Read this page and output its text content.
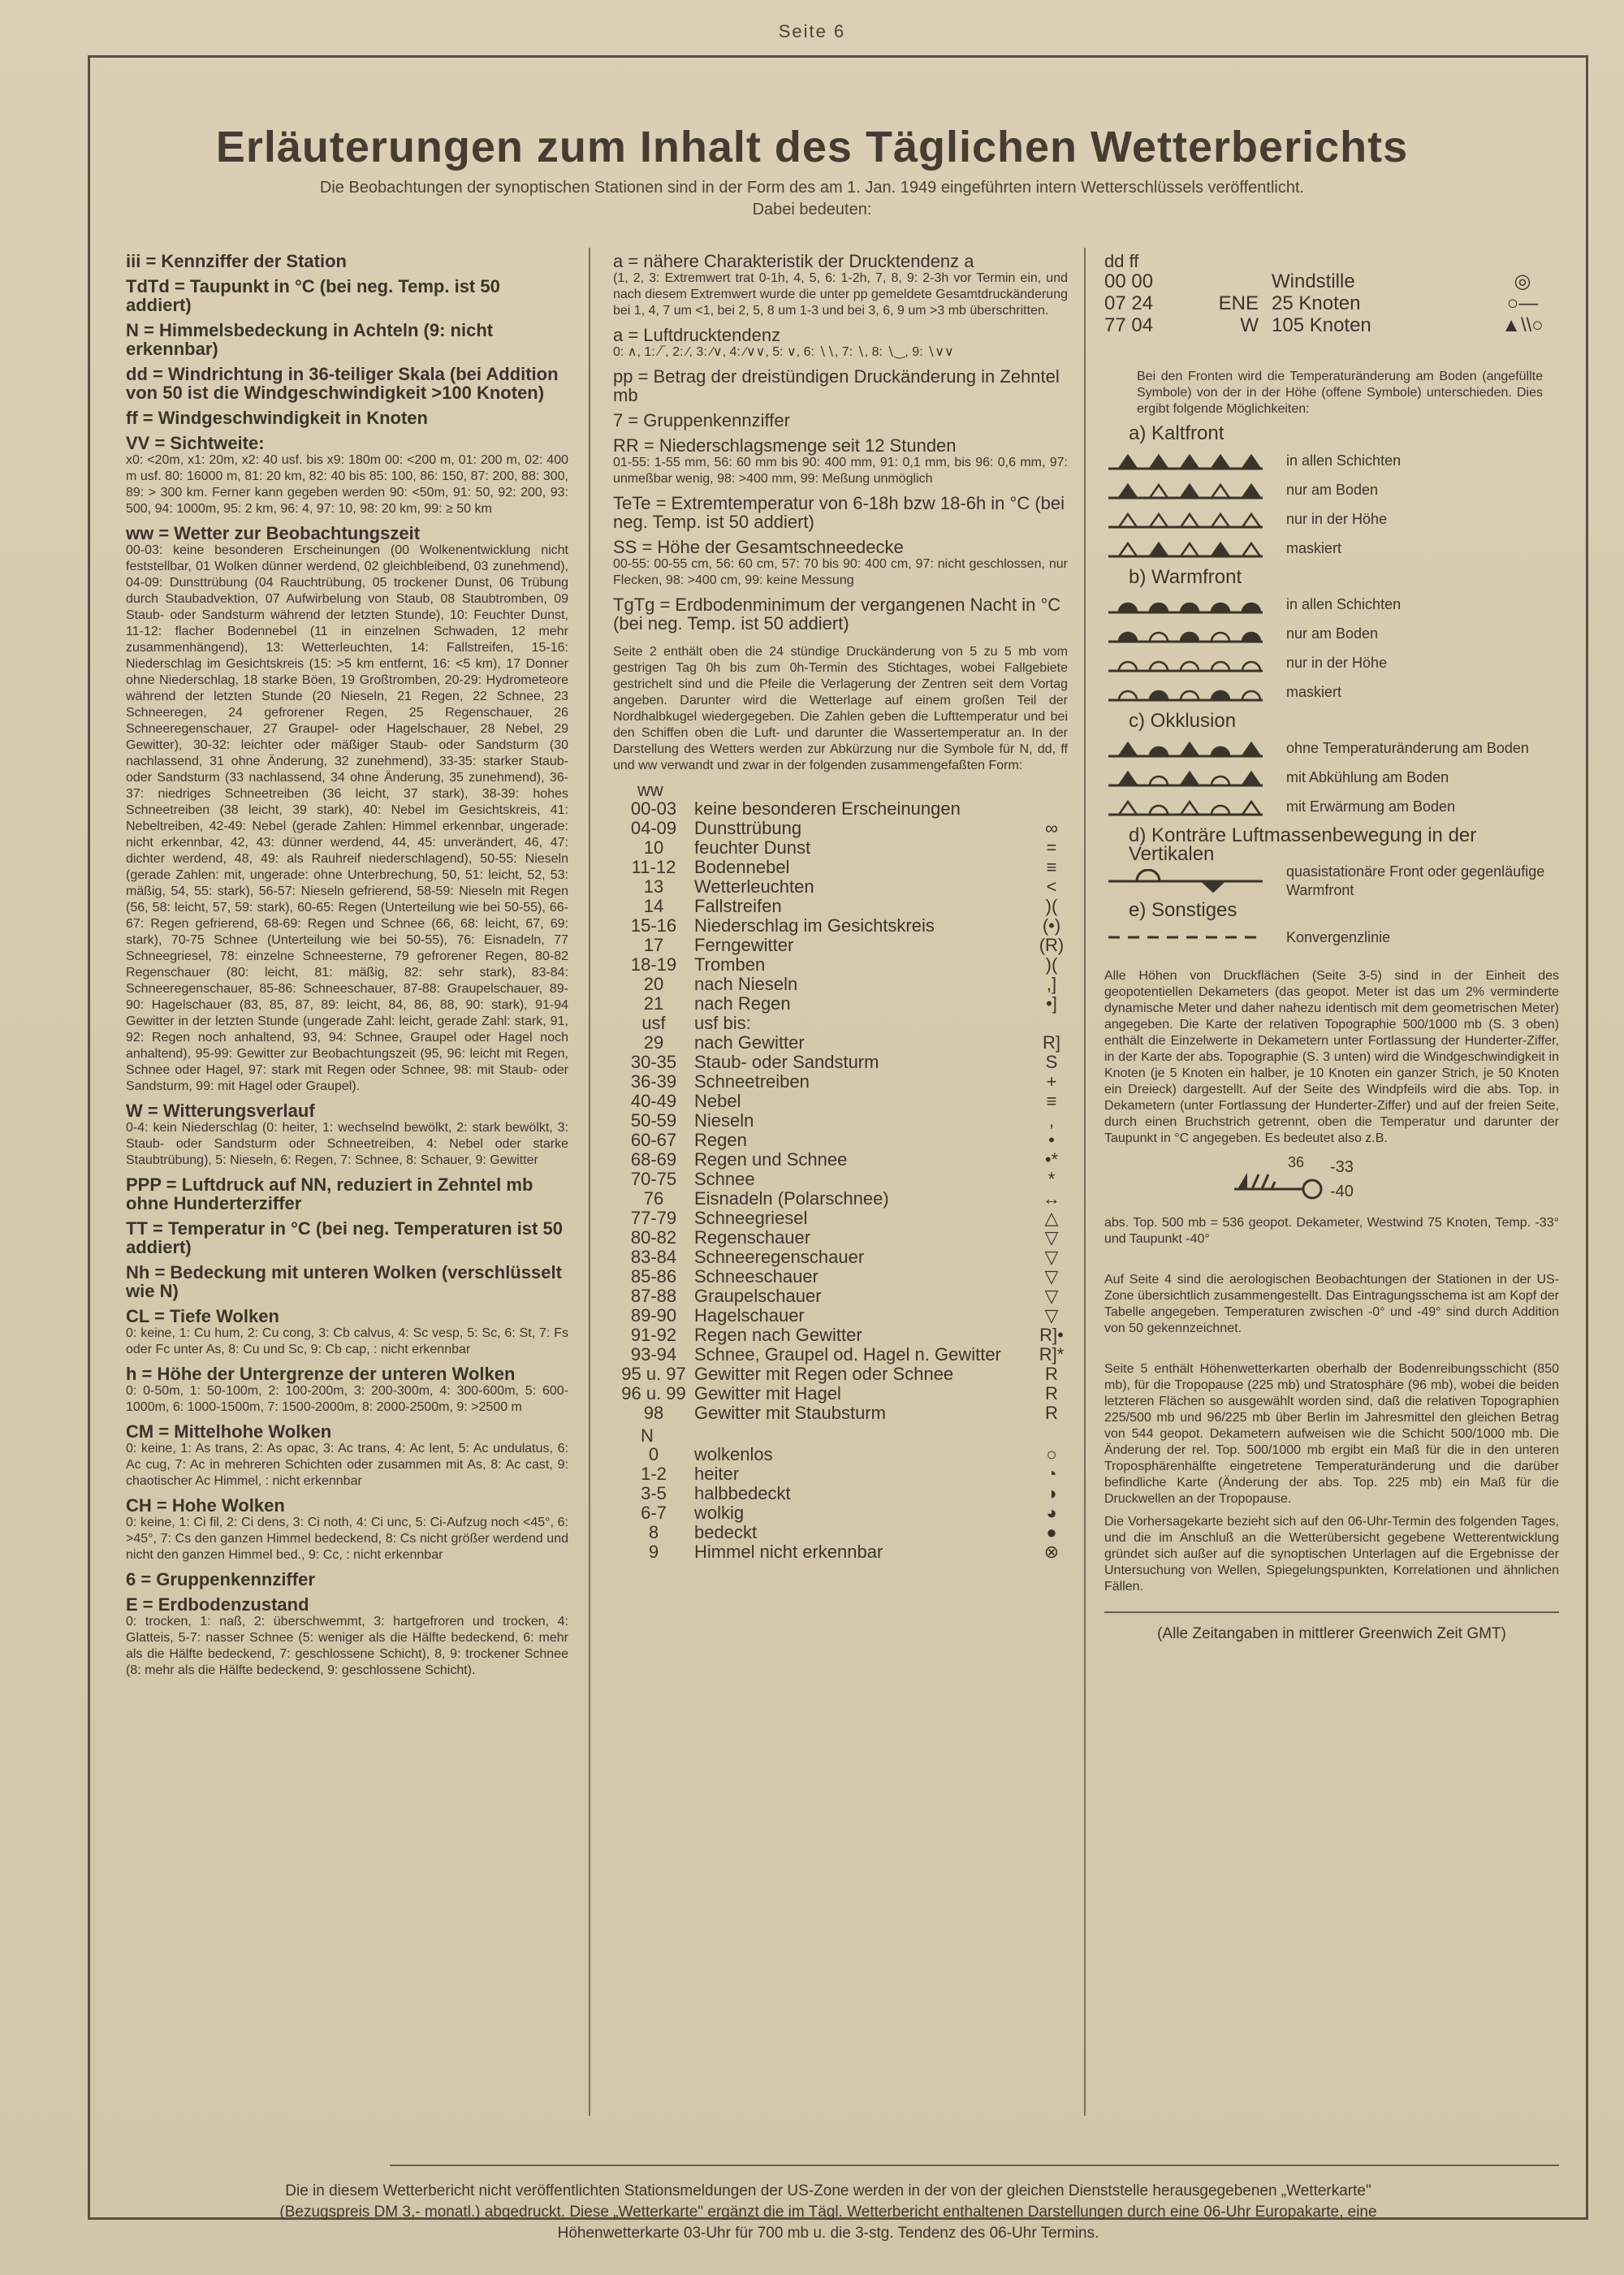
Seite 6
Erläuterungen zum Inhalt des Täglichen Wetterberichts
Die Beobachtungen der synoptischen Stationen sind in der Form des am 1. Jan. 1949 eingeführten intern Wetterschlüssels veröffentlicht.
Dabei bedeuten:
iii = Kennziffer der Station
TdTd = Taupunkt in °C (bei neg. Temp. ist 50 addiert)
N = Himmelsbedeckung in Achteln (9: nicht erkennbar)
dd = Windrichtung in 36-teiliger Skala (bei Addition von 50 ist die Windgeschwindigkeit >100 Knoten)
ff = Windgeschwindigkeit in Knoten
VV = Sichtweite:
x0: <20m, x1: 20m, x2: 40 usf. bis x9: 180m 00: <200 m, 01: 200 m, 02: 400 m usf. 80: 16000 m, 81: 20 km, 82: 40 bis 85: 100, 86: 150, 87: 200, 88: 300, 89: > 300 km. Ferner kann gegeben werden 90: <50m, 91: 50, 92: 200, 93: 500, 94: 1000m, 95: 2 km, 96: 4, 97: 10, 98: 20 km, 99: ≥ 50 km
ww = Wetter zur Beobachtungszeit
00-03: keine besonderen Erscheinungen (00 Wolkenentwicklung nicht feststellbar, 01 Wolken dünner werdend, 02 gleichbleibend, 03 zunehmend), 04-09: Dunsttrübung (04 Rauchtrübung, 05 trockener Dunst, 06 Trübung durch Staubadvektion, 07 Aufwirbelung von Staub, 08 Staubtromben, 09 Staub- oder Sandsturm während der letzten Stunde), 10: Feuchter Dunst, 11-12: flacher Bodennebel (11 in einzelnen Schwaden, 12 mehr zusammenhängend), 13: Wetterleuchten, 14: Fallstreifen, 15-16: Niederschlag im Gesichtskreis (15: >5 km entfernt, 16: <5 km), 17 Donner ohne Niederschlag, 18 starke Böen, 19 Großtromben, 20-29: Hydrometeore während der letzten Stunde (20 Nieseln, 21 Regen, 22 Schnee, 23 Schneeregen, 24 gefrorener Regen, 25 Regenschauer, 26 Schneeregenschauer, 27 Graupel- oder Hagelschauer, 28 Nebel, 29 Gewitter), 30-32: leichter oder mäßiger Staub- oder Sandsturm (30 nachlassend, 31 ohne Änderung, 32 zunehmend), 33-35: starker Staub- oder Sandsturm (33 nachlassend, 34 ohne Änderung, 35 zunehmend), 36-37: niedriges Schneetreiben (36 leicht, 37 stark), 38-39: hohes Schneetreiben (38 leicht, 39 stark), 40: Nebel im Gesichtskreis, 41: Nebeltreiben, 42-49: Nebel (gerade Zahlen: Himmel erkennbar, ungerade: nicht erkennbar, 42, 43: dünner werdend, 44, 45: unverändert, 46, 47: dichter werdend, 48, 49: als Rauhreif niederschlagend), 50-55: Nieseln (gerade Zahlen: mit, ungerade: ohne Unterbrechung, 50, 51: leicht, 52, 53: mäßig, 54, 55: stark), 56-57: Nieseln gefrierend, 58-59: Nieseln mit Regen (56, 58: leicht, 57, 59: stark), 60-65: Regen (Unterteilung wie bei 50-55), 66-67: Regen gefrierend, 68-69: Regen und Schnee (66, 68: leicht, 67, 69: stark), 70-75 Schnee (Unterteilung wie bei 50-55), 76: Eisnadeln, 77 Schneegriesel, 78: einzelne Schneesterne, 79 gefrorener Regen, 80-82 Regenschauer (80: leicht, 81: mäßig, 82: sehr stark), 83-84: Schneeregenschauer, 85-86: Schneeschauer, 87-88: Graupelschauer, 89-90: Hagelschauer (83, 85, 87, 89: leicht, 84, 86, 88, 90: stark), 91-94 Gewitter in der letzten Stunde (ungerade Zahl: leicht, gerade Zahl: stark, 91, 92: Regen noch anhaltend, 93, 94: Schnee, Graupel oder Hagel noch anhaltend), 95-99: Gewitter zur Beobachtungszeit (95, 96: leicht mit Regen, Schnee oder Hagel, 97: stark mit Regen oder Schnee, 98: mit Staub- oder Sandsturm, 99: mit Hagel oder Graupel).
W = Witterungsverlauf
0-4: kein Niederschlag (0: heiter, 1: wechselnd bewölkt, 2: stark bewölkt, 3: Staub- oder Sandsturm oder Schneetreiben, 4: Nebel oder starke Staubtrübung), 5: Nieseln, 6: Regen, 7: Schnee, 8: Schauer, 9: Gewitter
PPP = Luftdruck auf NN, reduziert in Zehntel mb ohne Hunderterziffer
TT = Temperatur in °C (bei neg. Temperaturen ist 50 addiert)
Nh = Bedeckung mit unteren Wolken (verschlüsselt wie N)
CL = Tiefe Wolken
0: keine, 1: Cu hum, 2: Cu cong, 3: Cb calvus, 4: Sc vesp, 5: Sc, 6: St, 7: Fs oder Fc unter As, 8: Cu und Sc, 9: Cb cap, : nicht erkennbar
h = Höhe der Untergrenze der unteren Wolken
0: 0-50m, 1: 50-100m, 2: 100-200m, 3: 200-300m, 4: 300-600m, 5: 600-1000m, 6: 1000-1500m, 7: 1500-2000m, 8: 2000-2500m, 9: >2500 m
CM = Mittelhohe Wolken
0: keine, 1: As trans, 2: As opac, 3: Ac trans, 4: Ac lent, 5: Ac undulatus, 6: Ac cug, 7: Ac in mehreren Schichten oder zusammen mit As, 8: Ac cast, 9: chaotischer Ac Himmel, : nicht erkennbar
CH = Hohe Wolken
0: keine, 1: Ci fil, 2: Ci dens, 3: Ci noth, 4: Ci unc, 5: Ci-Aufzug noch <45°, 6: >45°, 7: Cs den ganzen Himmel bedeckend, 8: Cs nicht größer werdend und nicht den ganzen Himmel bed., 9: Cc, : nicht erkennbar
6 = Gruppenkennziffer
E = Erdbodenzustand
0: trocken, 1: naß, 2: überschwemmt, 3: hartgefroren und trocken, 4: Glatteis, 5-7: nasser Schnee (5: weniger als die Hälfte bedeckend, 6: mehr als die Hälfte bedeckend, 7: geschlossene Schicht), 8, 9: trockener Schnee (8: mehr als die Hälfte bedeckend, 9: geschlossene Schicht).
a = nähere Charakteristik der Drucktendenz a
(1, 2, 3: Extremwert trat 0-1h, 4, 5, 6: 1-2h, 7, 8, 9: 2-3h vor Termin ein, und nach diesem Extremwert wurde die unter pp gemeldete Gesamtdruckänderung bei 1, 4, 7 um <1, bei 2, 5, 8 um 1-3 und bei 3, 6, 9 um >3 mb überschritten.
a = Luftdrucktendenz
0: ∧, 1: ⁄‾, 2: ⁄, 3: ⁄∨, 4: ⁄∨∨, 5: ∨, 6: ∖∖, 7: ∖, 8: ∖‿, 9: ∖∨∨
pp = Betrag der dreistündigen Druckänderung in Zehntel mb
7 = Gruppenkennziffer
RR = Niederschlagsmenge seit 12 Stunden
01-55: 1-55 mm, 56: 60 mm bis 90: 400 mm, 91: 0,1 mm, bis 96: 0,6 mm, 97: unmeßbar wenig, 98: >400 mm, 99: Meßung unmöglich
TeTe = Extremtemperatur von 6-18h bzw 18-6h in °C (bei neg. Temp. ist 50 addiert)
SS = Höhe der Gesamtschneedecke
00-55: 00-55 cm, 56: 60 cm, 57: 70 bis 90: 400 cm, 97: nicht geschlossen, nur Flecken, 98: >400 cm, 99: keine Messung
TgTg = Erdbodenminimum der vergangenen Nacht in °C (bei neg. Temp. ist 50 addiert)
Seite 2 enthält oben die 24 stündige Druckänderung von 5 zu 5 mb vom gestrigen Tag 0h bis zum 0h-Termin des Stichtages, wobei Fallgebiete gestrichelt sind und die Pfeile die Verlagerung der Zentren seit dem Vortag angeben. Darunter wird die Wetterlage auf einem großen Teil der Nordhalbkugel wiedergegeben. Die Zahlen geben die Lufttemperatur und bei den Schiffen oben die Luft- und darunter die Wassertemperatur an. In der Darstellung des Wetters werden zur Abkürzung nur die Symbole für N, dd, ff und ww verwandt und zwar in der folgenden zusammengefaßten Form:
ww
00-03	keine besonderen Erscheinungen	
04-09	Dunsttrübung	∞
10	feuchter Dunst	=
11-12	Bodennebel	≡
13	Wetterleuchten	<
14	Fallstreifen	)(
15-16	Niederschlag im Gesichtskreis	(•)
17	Ferngewitter	(R)
18-19	Tromben	)(
20	nach Nieseln	,]
21	nach Regen	•]
usf	usf bis:	
29	nach Gewitter	R]
30-35	Staub- oder Sandsturm	S
36-39	Schneetreiben	+
40-49	Nebel	≡
50-59	Nieseln	,
60-67	Regen	•
68-69	Regen und Schnee	•*
70-75	Schnee	*
76	Eisnadeln (Polarschnee)	↔
77-79	Schneegriesel	△
80-82	Regenschauer	▽
83-84	Schneeregenschauer	▽
85-86	Schneeschauer	▽
87-88	Graupelschauer	▽
89-90	Hagelschauer	▽
91-92	Regen nach Gewitter	R]•
93-94	Schnee, Graupel od. Hagel n. Gewitter	R]*
95 u. 97	Gewitter mit Regen oder Schnee	R
96 u. 99	Gewitter mit Hagel	R
98	Gewitter mit Staubsturm	R
N
0	wolkenlos	○
1-2	heiter	◔
3-5	halbbedeckt	◑
6-7	wolkig	◕
8	bedeckt	●
9	Himmel nicht erkennbar	⊗
dd ff
00 00		Windstille	◎
07 24	ENE	25 Knoten	○—
77 04	W	105 Knoten	▲\\○
Bei den Fronten wird die Temperaturänderung am Boden (angefüllte Symbole) von der in der Höhe (offene Symbole) unterschieden. Dies ergibt folgende Möglichkeiten:
a) Kaltfront
in allen Schichten
nur am Boden
nur in der Höhe
maskiert
b) Warmfront
in allen Schichten
nur am Boden
nur in der Höhe
maskiert
c) Okklusion
ohne Temperaturänderung am Boden
mit Abkühlung am Boden
mit Erwärmung am Boden
d) Konträre Luftmassenbewegung in der Vertikalen
quasistationäre Front oder gegenläufige Warmfront
e) Sonstiges
Konvergenzlinie
Alle Höhen von Druckflächen (Seite 3-5) sind in der Einheit des geopotentiellen Dekameters (das geopot. Meter ist das um 2% verminderte dynamische Meter und daher nahezu identisch mit dem geometrischen Meter) angegeben. Die Karte der relativen Topographie 500/1000 mb (S. 3 oben) enthält die Einzelwerte in Dekametern unter Fortlassung der Hunderter-Ziffer, in der Karte der abs. Topographie (S. 3 unten) wird die Windgeschwindigkeit in Knoten (je 5 Knoten ein halber, je 10 Knoten ein ganzer Strich, je 50 Knoten ein Dreieck) dargestellt. Auf der Seite des Windpfeils wird die abs. Top. in Dekametern (unter Fortlassung der Hunderter-Ziffer) und auf der freien Seite, durch einen Bruchstrich getrennt, oben die Temperatur und darunter der Taupunkt in °C angegeben. Es bedeutet also z.B.
36 -33
-40
abs. Top. 500 mb = 536 geopot. Dekameter, Westwind 75 Knoten, Temp. -33° und Taupunkt -40°
Auf Seite 4 sind die aerologischen Beobachtungen der Stationen in der US-Zone übersichtlich zusammengestellt. Das Eintragungsschema ist am Kopf der Tabelle angegeben. Temperaturen zwischen -0° und -49° sind durch Addition von 50 gekennzeichnet.
Seite 5 enthält Höhenwetterkarten oberhalb der Bodenreibungsschicht (850 mb), für die Tropopause (225 mb) und Stratosphäre (96 mb), wobei die beiden letzteren Flächen so ausgewählt worden sind, daß die relativen Topographien 225/500 mb und 96/225 mb über Berlin im Jahresmittel den gleichen Betrag von 544 geopot. Dekametern aufweisen wie die Schicht 500/1000 mb. Die Änderung der rel. Top. 500/1000 mb ergibt ein Maß für die in den unteren Troposphärenhälfte eingetretene Temperaturänderung und die darüber befindliche Karte (Änderung der abs. Top. 225 mb) ein Maß für die Druckwellen an der Tropopause.
Die Vorhersagekarte bezieht sich auf den 06-Uhr-Termin des folgenden Tages, und die im Anschluß an die Wetterübersicht gegebene Wetterentwicklung gründet sich außer auf die synoptischen Unterlagen auf die Ergebnisse der Untersuchung von Wellen, Spiegelungspunkten, Korrelationen und ähnlichen Fällen.
(Alle Zeitangaben in mittlerer Greenwich Zeit GMT)
Die in diesem Wetterbericht nicht veröffentlichten Stationsmeldungen der US-Zone werden in der von der gleichen Dienststelle herausgegebenen „Wetterkarte" (Bezugspreis DM 3,- monatl.) abgedruckt. Diese „Wetterkarte" ergänzt die im Tägl. Wetterbericht enthaltenen Darstellungen durch eine 06-Uhr Europakarte, eine Höhenwetterkarte 03-Uhr für 700 mb u. die 3-stg. Tendenz des 06-Uhr Termins.
